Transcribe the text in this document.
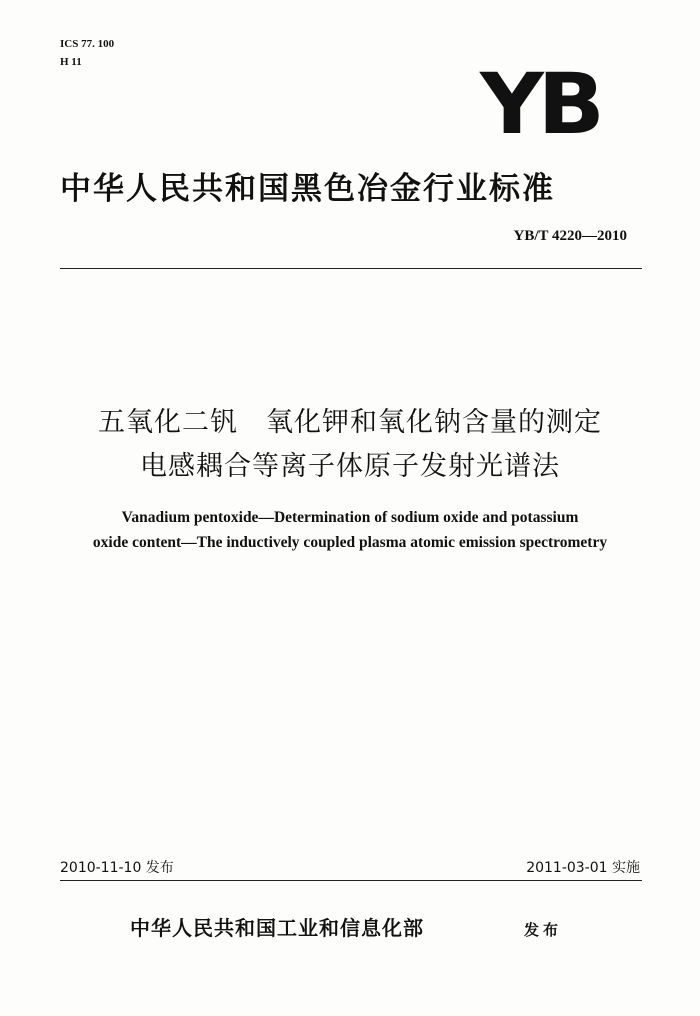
ICS 77. 100
H 11	YB
中华人民共和国黑色冶金行业标准
YB/T 4220—2010
五氧化二钒　氧化钾和氧化钠含量的测定
电感耦合等离子体原子发射光谱法
Vanadium pentoxide—Determination of sodium oxide and potassium
oxide content—The inductively coupled plasma atomic emission spectrometry
2010-11-10 发布	2011-03-01 实施
中华人民共和国工业和信息化部	发布
